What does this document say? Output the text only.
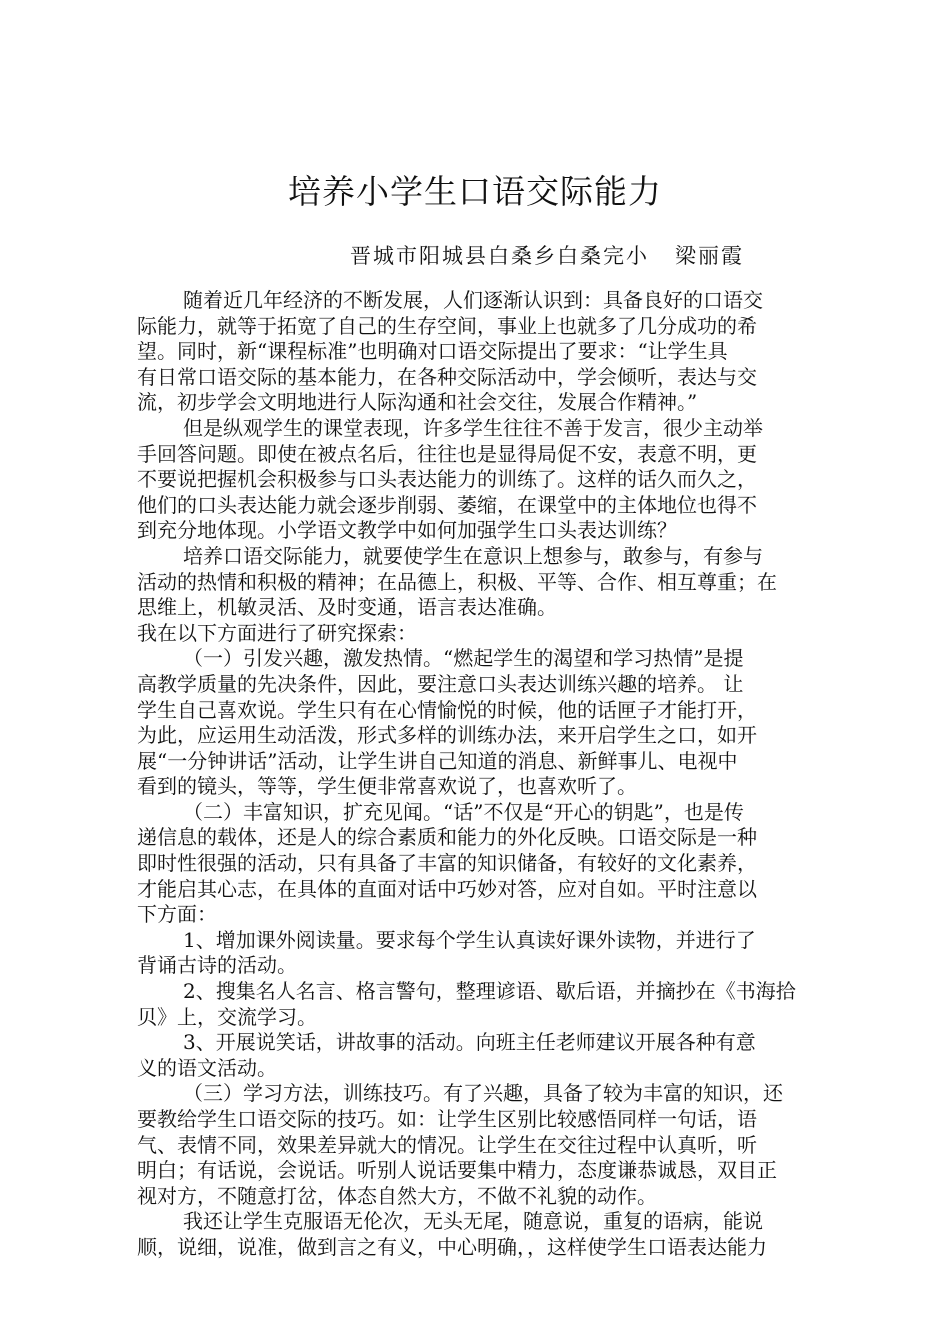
培养小学生口语交际能力
晋城市阳城县白桑乡白桑完小   梁丽霞
随着近几年经济的不断发展，人们逐渐认识到：具备良好的口语交
际能力，就等于拓宽了自己的生存空间，事业上也就多了几分成功的希
望。同时，新“课程标准”也明确对口语交际提出了要求：“让学生具
有日常口语交际的基本能力，在各种交际活动中，学会倾听，表达与交
流，初步学会文明地进行人际沟通和社会交往，发展合作精神。”
但是纵观学生的课堂表现，许多学生往往不善于发言，很少主动举
手回答问题。即使在被点名后，往往也是显得局促不安，表意不明，更
不要说把握机会积极参与口头表达能力的训练了。这样的话久而久之，
他们的口头表达能力就会逐步削弱、萎缩，在课堂中的主体地位也得不
到充分地体现。小学语文教学中如何加强学生口头表达训练？
培养口语交际能力，就要使学生在意识上想参与，敢参与，有参与
活动的热情和积极的精神；在品德上，积极、平等、合作、相互尊重；在
思维上，机敏灵活、及时变通，语言表达准确。
我在以下方面进行了研究探索：
（一）引发兴趣，激发热情。“燃起学生的渴望和学习热情”是提
高教学质量的先决条件，因此，要注意口头表达训练兴趣的培养。 让
学生自己喜欢说。学生只有在心情愉悦的时候，他的话匣子才能打开，
为此，应运用生动活泼，形式多样的训练办法，来开启学生之口，如开
展“一分钟讲话”活动，让学生讲自己知道的消息、新鲜事儿、电视中
看到的镜头，等等，学生便非常喜欢说了，也喜欢听了。
（二）丰富知识，扩充见闻。“话”不仅是“开心的钥匙”，也是传
递信息的载体，还是人的综合素质和能力的外化反映。口语交际是一种
即时性很强的活动，只有具备了丰富的知识储备，有较好的文化素养，
才能启其心志，在具体的直面对话中巧妙对答，应对自如。平时注意以
下方面：
1、增加课外阅读量。要求每个学生认真读好课外读物，并进行了
背诵古诗的活动。
2、搜集名人名言、格言警句，整理谚语、歇后语，并摘抄在《书海拾
贝》上，交流学习。
3、开展说笑话，讲故事的活动。向班主任老师建议开展各种有意
义的语文活动。
（三）学习方法，训练技巧。有了兴趣，具备了较为丰富的知识，还
要教给学生口语交际的技巧。如：让学生区别比较感悟同样一句话，语
气、表情不同，效果差异就大的情况。让学生在交往过程中认真听，听
明白；有话说，会说话。听别人说话要集中精力，态度谦恭诚恳，双目正
视对方，不随意打岔，体态自然大方，不做不礼貌的动作。
我还让学生克服语无伦次，无头无尾，随意说，重复的语病，能说
顺，说细，说准，做到言之有义，中心明确，，这样使学生口语表达能力
